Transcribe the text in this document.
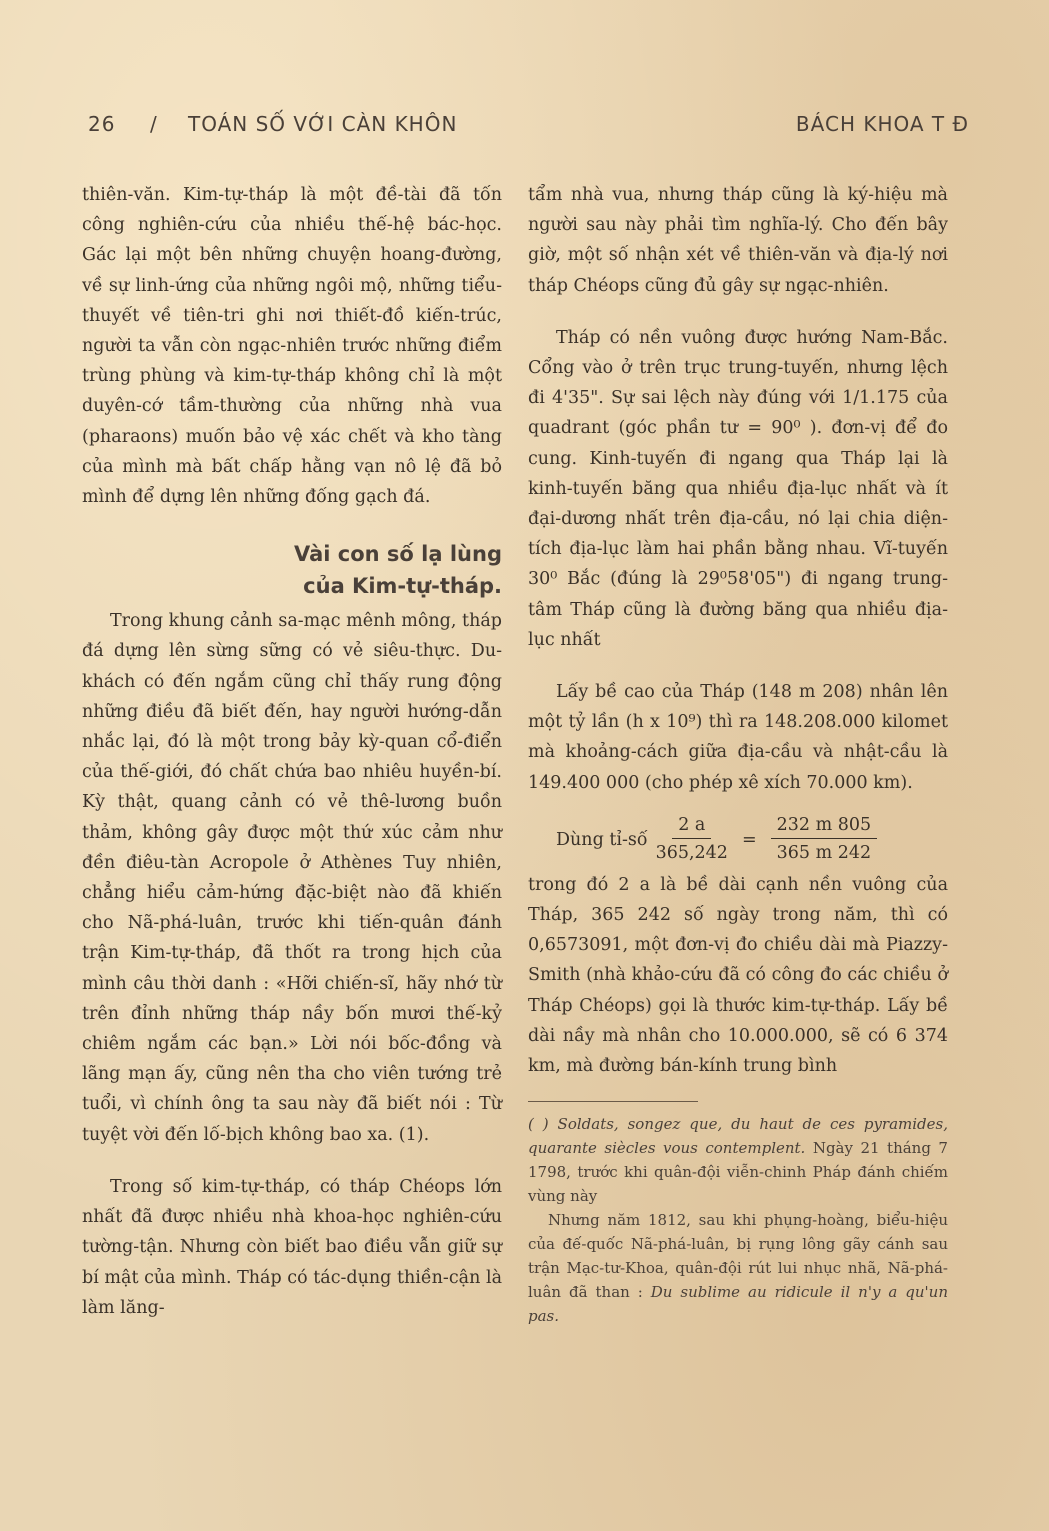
26 / TOÁN SỐ VỚI CÀN KHÔN	BÁCH KHOA T Đ

thiên-văn. Kim-tự-tháp là một đề-tài đã tốn công nghiên-cứu của nhiều thế-hệ bác-học. Gác lại một bên những chuyện hoang-đường, về sự linh-ứng của những ngôi mộ, những tiểu-thuyết về tiên-tri ghi nơi thiết-đồ kiến-trúc, người ta vẫn còn ngạc-nhiên trước những điểm trùng phùng và kim-tự-tháp không chỉ là một duyên-cớ tầm-thường của những nhà vua (pharaons) muốn bảo vệ xác chết và kho tàng của mình mà bất chấp hằng vạn nô lệ đã bỏ mình để dựng lên những đống gạch đá.

Vài con số lạ lùng
của Kim-tự-tháp.

Trong khung cảnh sa-mạc mênh mông, tháp đá dựng lên sừng sững có vẻ siêu-thực. Du-khách có đến ngắm cũng chỉ thấy rung động những điều đã biết đến, hay người hướng-dẫn nhắc lại, đó là một trong bảy kỳ-quan cổ-điển của thế-giới, đó chất chứa bao nhiêu huyền-bí. Kỳ thật, quang cảnh có vẻ thê-lương buồn thảm, không gây được một thứ xúc cảm như đền điêu-tàn Acropole ở Athènes Tuy nhiên, chẳng hiểu cảm-hứng đặc-biệt nào đã khiến cho Nã-phá-luân, trước khi tiến-quân đánh trận Kim-tự-tháp, đã thốt ra trong hịch của mình câu thời danh : «Hỡi chiến-sĩ, hãy nhớ từ trên đỉnh những tháp nầy bốn mươi thế-kỷ chiêm ngắm các bạn.» Lời nói bốc-đồng và lãng mạn ấy, cũng nên tha cho viên tướng trẻ tuổi, vì chính ông ta sau này đã biết nói : Từ tuyệt vời đến lố-bịch không bao xa. (1).

Trong số kim-tự-tháp, có tháp Chéops lớn nhất đã được nhiều nhà khoa-học nghiên-cứu tường-tận. Nhưng còn biết bao điều vẫn giữ sự bí mật của mình. Tháp có tác-dụng thiền-cận là làm lăng-

tẩm nhà vua, nhưng tháp cũng là ký-hiệu mà người sau này phải tìm nghĩa-lý. Cho đến bây giờ, một số nhận xét về thiên-văn và địa-lý nơi tháp Chéops cũng đủ gây sự ngạc-nhiên.

Tháp có nền vuông được hướng Nam-Bắc. Cổng vào ở trên trục trung-tuyến, nhưng lệch đi 4'35". Sự sai lệch này đúng với 1/1.175 của quadrant (góc phần tư = 90⁰ ). đơn-vị để đo cung. Kinh-tuyến đi ngang qua Tháp lại là kinh-tuyến băng qua nhiều địa-lục nhất và ít đại-dương nhất trên địa-cầu, nó lại chia diện-tích địa-lục làm hai phần bằng nhau. Vĩ-tuyến 30⁰ Bắc (đúng là 29⁰58'05") đi ngang trung-tâm Tháp cũng là đường băng qua nhiều địa-lục nhất

Lấy bề cao của Tháp (148 m 208) nhân lên một tỷ lần (h x 10⁹) thì ra 148.208.000 kilomet mà khoảng-cách giữa địa-cầu và nhật-cầu là 149.400 000 (cho phép xê xích 70.000 km).

Dùng tỉ-số $\frac{2 a}{365,242} = \frac{232 m 805}{365 m 242}$

trong đó 2 a là bề dài cạnh nền vuông của Tháp, 365 242 số ngày trong năm, thì có 0,6573091, một đơn-vị đo chiều dài mà Piazzy-Smith (nhà khảo-cứu đã có công đo các chiều ở Tháp Chéops) gọi là thước kim-tự-tháp. Lấy bề dài nầy mà nhân cho 10.000.000, sẽ có 6 374 km, mà đường bán-kính trung bình

( ) Soldats, songez que, du haut de ces pyramides, quarante siècles vous contemplent. Ngày 21 tháng 7 1798, trước khi quân-đội viễn-chinh Pháp đánh chiếm vùng này
Nhưng năm 1812, sau khi phụng-hoàng, biểu-hiệu của đế-quốc Nã-phá-luân, bị rụng lông gãy cánh sau trận Mạc-tư-Khoa, quân-đội rút lui nhục nhã, Nã-phá-luân đã than : Du sublime au ridicule il n'y a qu'un pas.
